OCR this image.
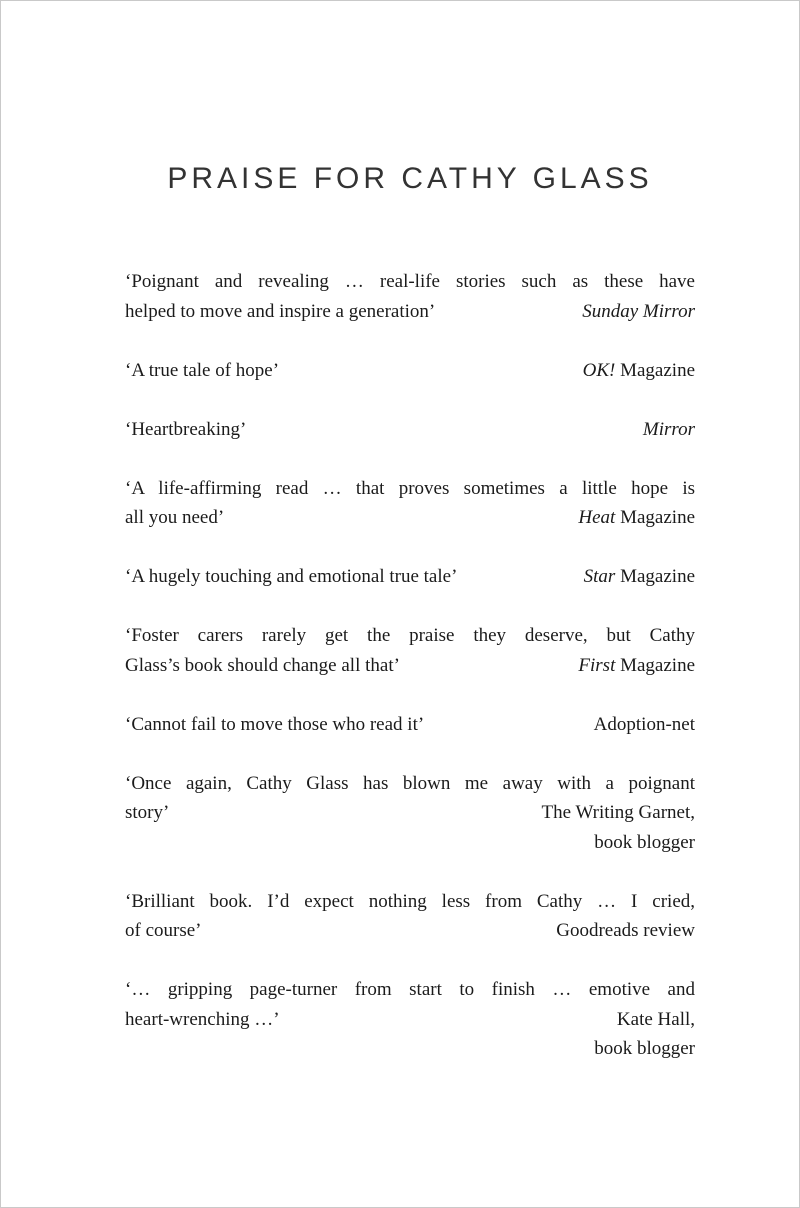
PRAISE FOR CATHY GLASS
‘Poignant and revealing … real-life stories such as these have
helped to move and inspire a generation’	Sunday Mirror
‘A true tale of hope’	OK! Magazine
‘Heartbreaking’	Mirror
‘A life-affirming read … that proves sometimes a little hope is
all you need’	Heat Magazine
‘A hugely touching and emotional true tale’	Star Magazine
‘Foster carers rarely get the praise they deserve, but Cathy
Glass’s book should change all that’	First Magazine
‘Cannot fail to move those who read it’	Adoption-net
‘Once again, Cathy Glass has blown me away with a poignant
story’	The Writing Garnet,
book blogger
‘Brilliant book. I’d expect nothing less from Cathy … I cried,
of course’	Goodreads review
‘… gripping page-turner from start to finish … emotive and
heart-wrenching …’	Kate Hall,
book blogger
